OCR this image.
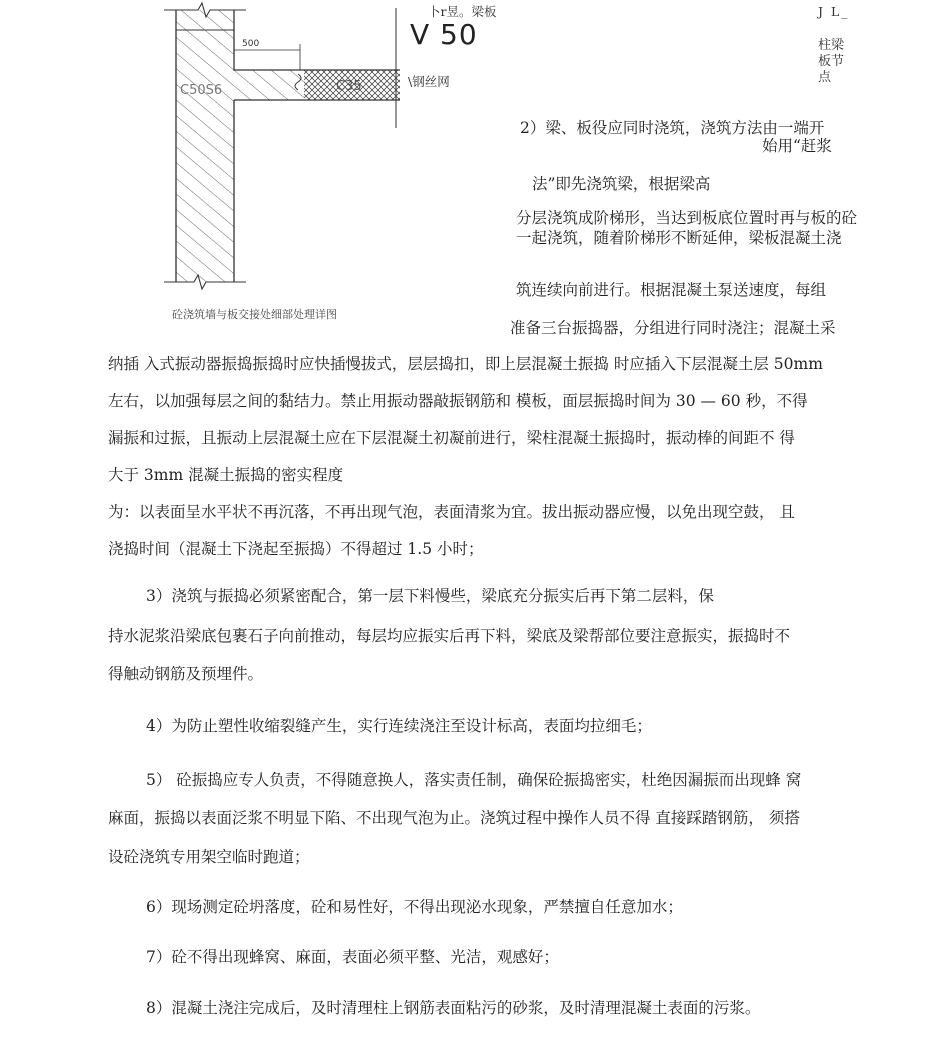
500
C50S6	C35	\钢丝网
砼浇筑墙与板交接处细部处理详图
卜r昱。梁板
V 50
J L_
柱梁板节点
2）梁、板役应同时浇筑，浇筑方法由一端开
始用“赶浆
法”即先浇筑梁，根据梁高
分层浇筑成阶梯形，当达到板底位置时再与板的砼一起浇筑，随着阶梯形不断延伸，梁板混凝土浇
筑连续向前进行。根据混凝土泵送速度，每组
准备三台振捣器，分组进行同时浇注；混凝土采
纳插 入式振动器振捣振捣时应快插慢拔式，层层捣扣，即上层混凝土振捣 时应插入下层混凝土层 50mm
左右，以加强每层之间的黏结力。禁止用振动器敲振钢筋和 模板，面层振捣时间为 30 — 60 秒，不得
漏振和过振，且振动上层混凝土应在下层混凝土初凝前进行，梁柱混凝土振捣时，振动棒的间距不 得
大于 3mm 混凝土振捣的密实程度
为：以表面呈水平状不再沉落，不再出现气泡，表面清浆为宜。拔出振动器应慢，以免出现空鼓， 且
浇捣时间（混凝土下浇起至振捣）不得超过 1.5 小时；
3）浇筑与振捣必须紧密配合，第一层下料慢些，梁底充分振实后再下第二层料，保
持水泥浆沿梁底包裹石子向前推动，每层均应振实后再下料，梁底及梁帮部位要注意振实，振捣时不
得触动钢筋及预埋件。
4）为防止塑性收缩裂缝产生，实行连续浇注至设计标高，表面均拉细毛；
5） 砼振捣应专人负责，不得随意换人，落实责任制，确保砼振捣密实，杜绝因漏振而出现蜂 窝
麻面，振捣以表面泛浆不明显下陷、不出现气泡为止。浇筑过程中操作人员不得 直接踩踏钢筋， 须搭
设砼浇筑专用架空临时跑道；
6）现场测定砼坍落度，砼和易性好，不得出现泌水现象，严禁擅自任意加水；
7）砼不得出现蜂窝、麻面，表面必须平整、光洁，观感好；
8）混凝土浇注完成后，及时清理柱上钢筋表面粘污的砂浆，及时清理混凝土表面的污浆。
